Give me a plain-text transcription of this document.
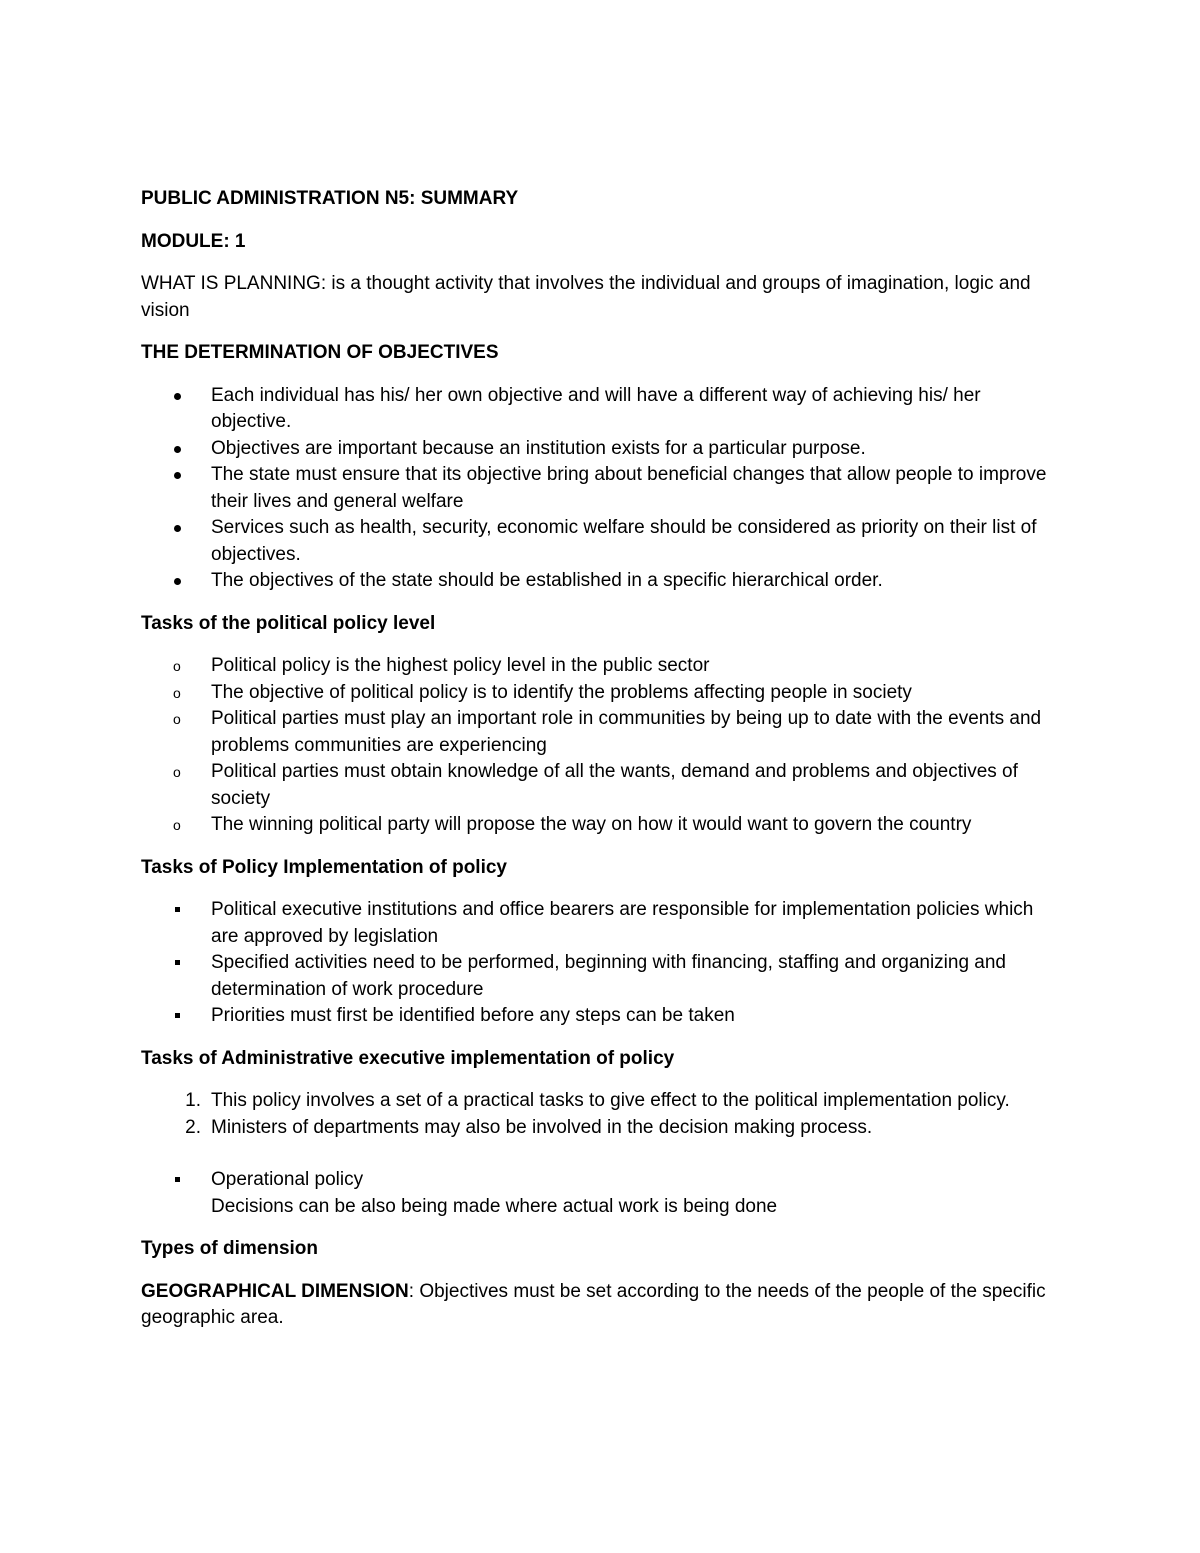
PUBLIC ADMINISTRATION N5: SUMMARY

MODULE: 1

WHAT IS PLANNING: is a thought activity that involves the individual and groups of imagination, logic and vision

THE DETERMINATION OF OBJECTIVES

Each individual has his/ her own objective and will have a different way of achieving his/ her objective.
Objectives are important because an institution exists for a particular purpose.
The state must ensure that its objective bring about beneficial changes that allow people to improve their lives and general welfare
Services such as health, security, economic welfare should be considered as priority on their list of objectives.
The objectives of the state should be established in a specific hierarchical order.

Tasks of the political policy level

o	Political policy is the highest policy level in the public sector
o	The objective of political policy is to identify the problems affecting people in society
o	Political parties must play an important role in communities by being up to date with the events and problems communities are experiencing
o	Political parties must obtain knowledge of all the wants, demand and problems and objectives of society
o	The winning political party will propose the way on how it would want to govern the country

Tasks of Policy Implementation of policy

Political executive institutions and office bearers are responsible for implementation policies which are approved by legislation
Specified activities need to be performed, beginning with financing, staffing and organizing and determination of work procedure
Priorities must first be identified before any steps can be taken

Tasks of Administrative executive implementation of policy

1. This policy involves a set of a practical tasks to give effect to the political implementation policy.
2. Ministers of departments may also be involved in the decision making process.
Operational policy
Decisions can be also being made where actual work is being done

Types of dimension

GEOGRAPHICAL DIMENSION: Objectives must be set according to the needs of the people of the specific geographic area.
